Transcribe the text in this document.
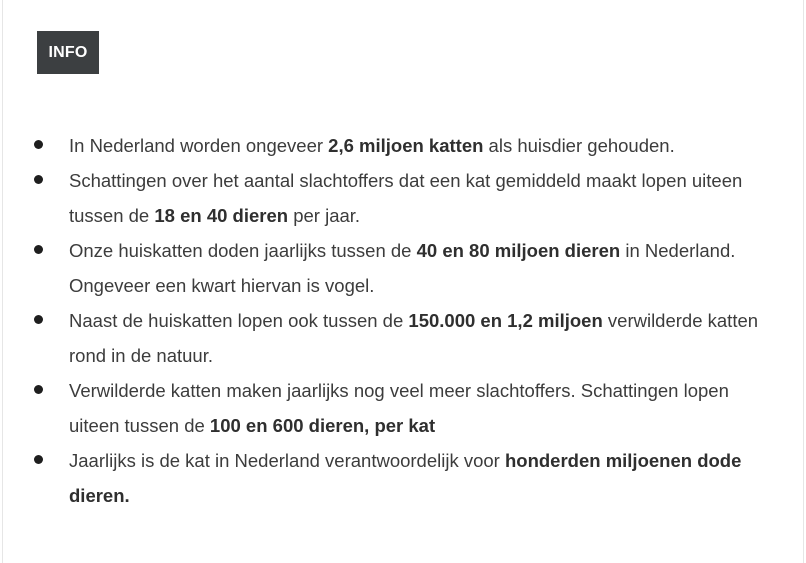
INFO
In Nederland worden ongeveer 2,6 miljoen katten als huisdier gehouden.
Schattingen over het aantal slachtoffers dat een kat gemiddeld maakt lopen uiteen tussen de 18 en 40 dieren per jaar.
Onze huiskatten doden jaarlijks tussen de 40 en 80 miljoen dieren in Nederland. Ongeveer een kwart hiervan is vogel.
Naast de huiskatten lopen ook tussen de 150.000 en 1,2 miljoen verwilderde katten rond in de natuur.
Verwilderde katten maken jaarlijks nog veel meer slachtoffers. Schattingen lopen uiteen tussen de 100 en 600 dieren, per kat
Jaarlijks is de kat in Nederland verantwoordelijk voor honderden miljoenen dode dieren.
